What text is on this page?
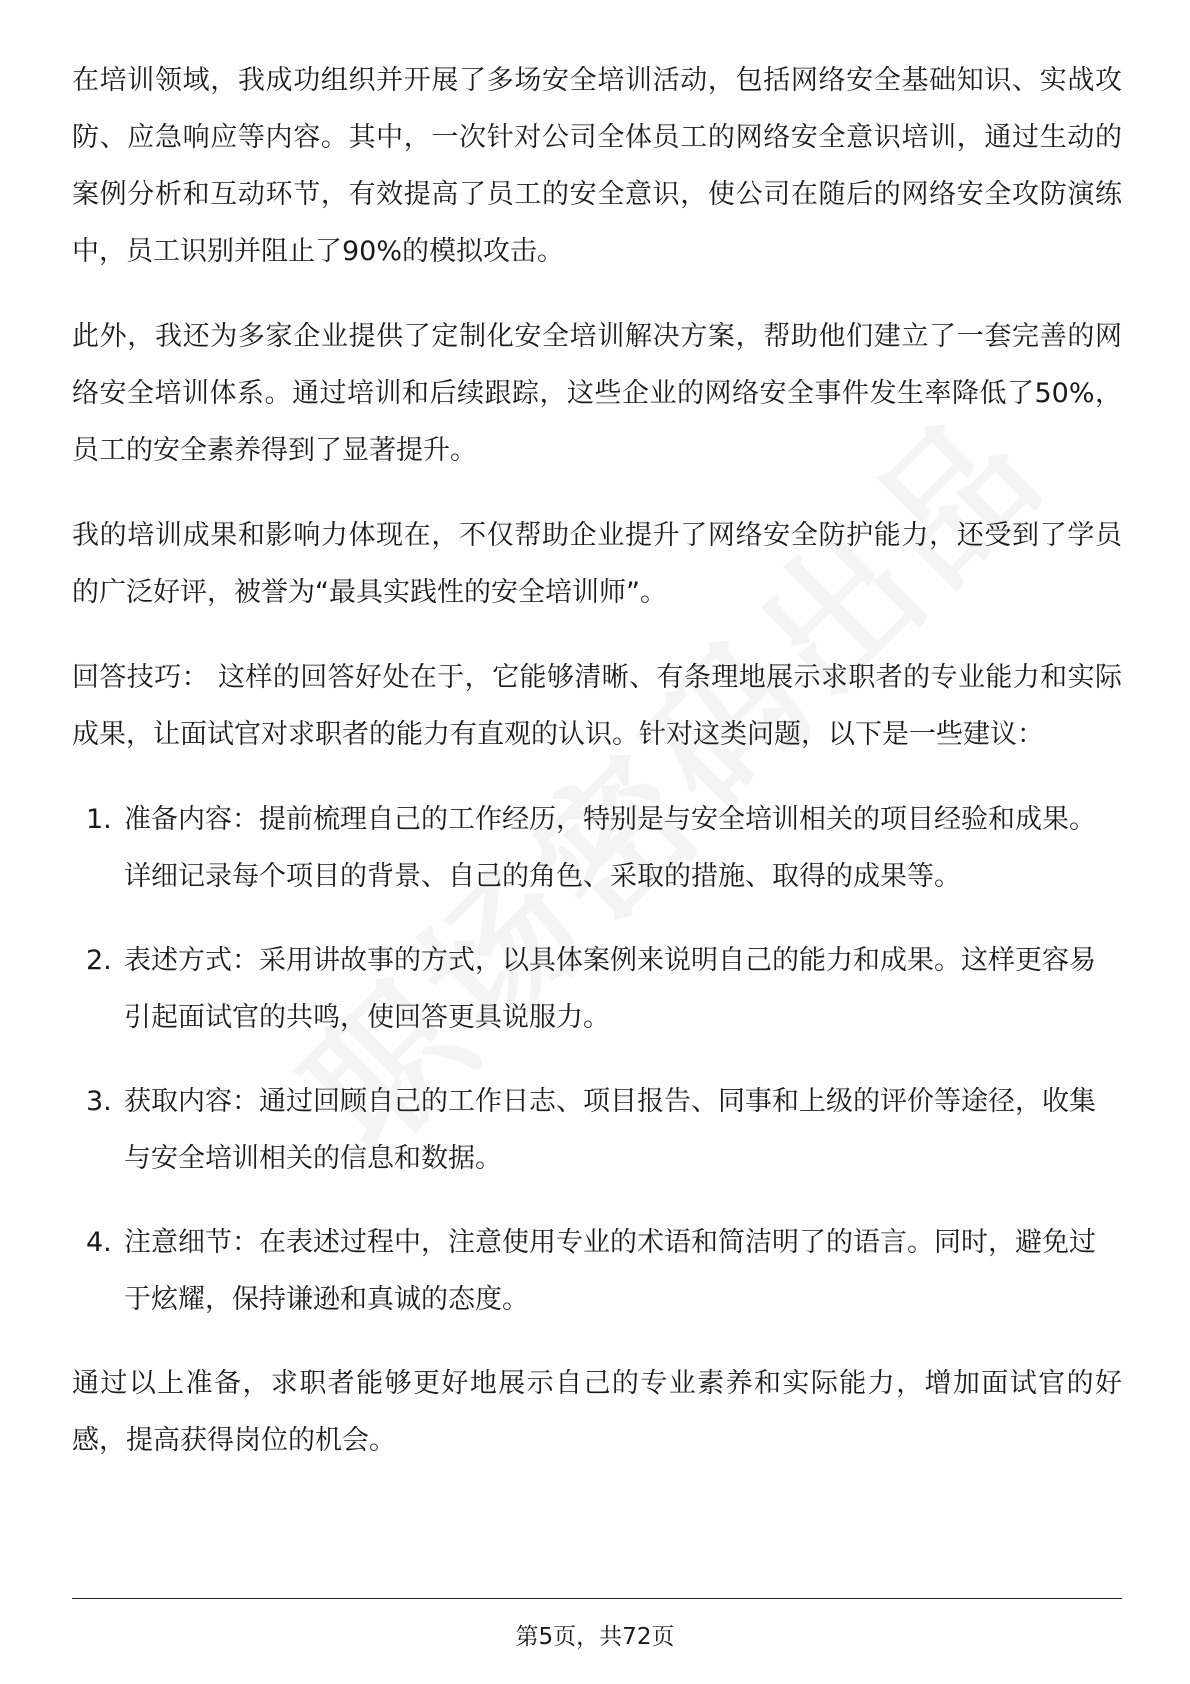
在培训领域，我成功组织并开展了多场安全培训活动，包括网络安全基础知识、实战攻防、应急响应等内容。其中，一次针对公司全体员工的网络安全意识培训，通过生动的案例分析和互动环节，有效提高了员工的安全意识，使公司在随后的网络安全攻防演练中，员工识别并阻止了90%的模拟攻击。

此外，我还为多家企业提供了定制化安全培训解决方案，帮助他们建立了一套完善的网络安全培训体系。通过培训和后续跟踪，这些企业的网络安全事件发生率降低了50%，员工的安全素养得到了显著提升。

我的培训成果和影响力体现在，不仅帮助企业提升了网络安全防护能力，还受到了学员的广泛好评，被誉为“最具实践性的安全培训师”。

回答技巧： 这样的回答好处在于，它能够清晰、有条理地展示求职者的专业能力和实际成果，让面试官对求职者的能力有直观的认识。针对这类问题，以下是一些建议：

1. 准备内容：提前梳理自己的工作经历，特别是与安全培训相关的项目经验和成果。详细记录每个项目的背景、自己的角色、采取的措施、取得的成果等。
2. 表述方式：采用讲故事的方式，以具体案例来说明自己的能力和成果。这样更容易引起面试官的共鸣，使回答更具说服力。
3. 获取内容：通过回顾自己的工作日志、项目报告、同事和上级的评价等途径，收集与安全培训相关的信息和数据。
4. 注意细节：在表述过程中，注意使用专业的术语和简洁明了的语言。同时，避免过于炫耀，保持谦逊和真诚的态度。

通过以上准备，求职者能够更好地展示自己的专业素养和实际能力，增加面试官的好感，提高获得岗位的机会。

第5页，共72页
